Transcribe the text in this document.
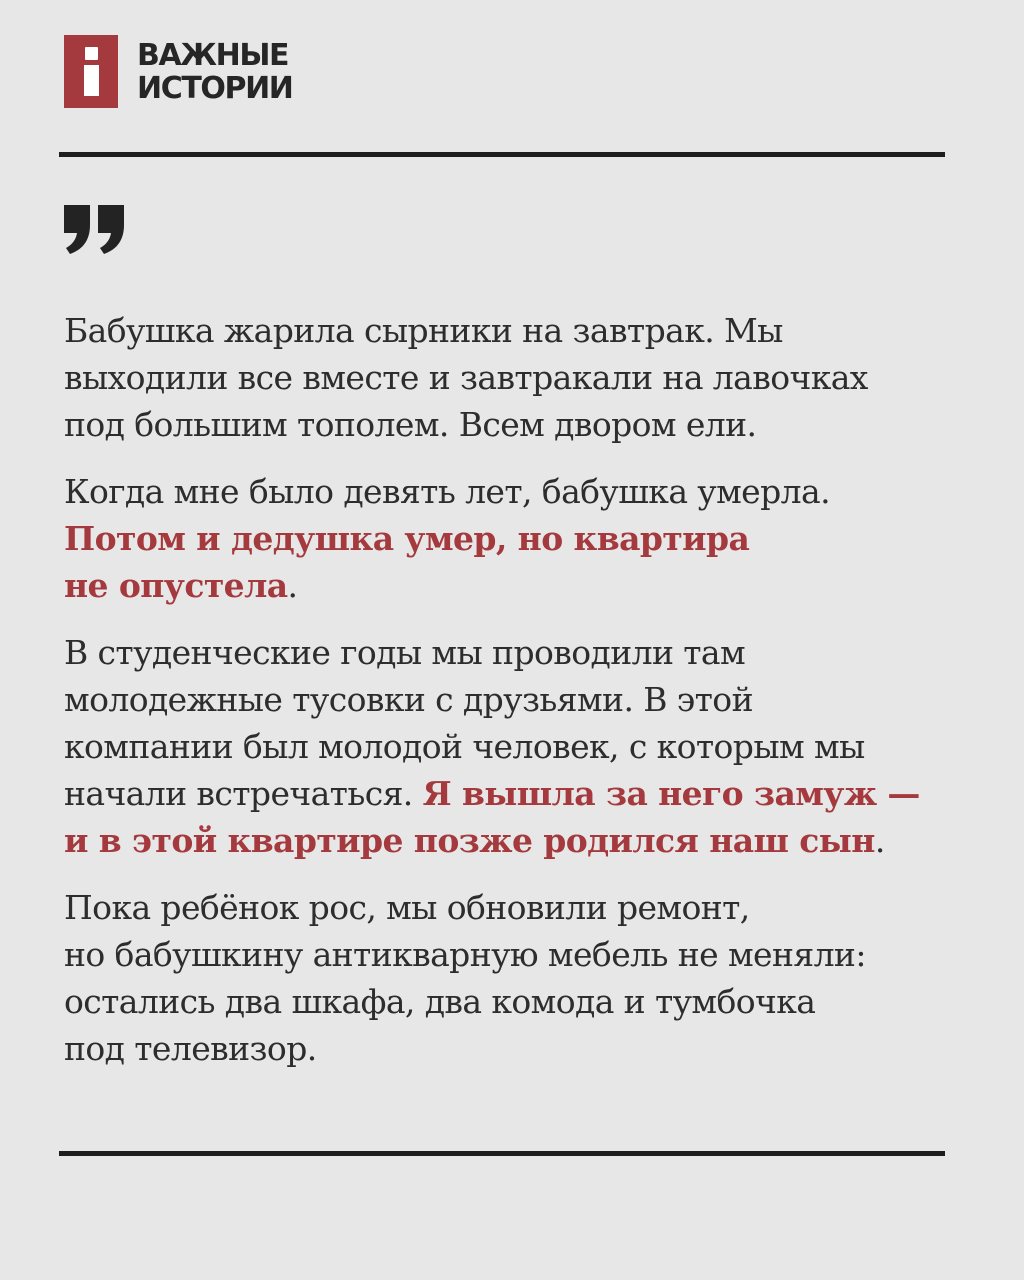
ВАЖНЫЕ
ИСТОРИИ

Бабушка жарила сырники на завтрак. Мы
выходили все вместе и завтракали на лавочках
под большим тополем. Всем двором ели.

Когда мне было девять лет, бабушка умерла.
Потом и дедушка умер, но квартира
не опустела.

В студенческие годы мы проводили там
молодежные тусовки с друзьями. В этой
компании был молодой человек, с которым мы
начали встречаться. Я вышла за него замуж —
и в этой квартире позже родился наш сын.

Пока ребёнок рос, мы обновили ремонт,
но бабушкину антикварную мебель не меняли:
остались два шкафа, два комода и тумбочка
под телевизор.
